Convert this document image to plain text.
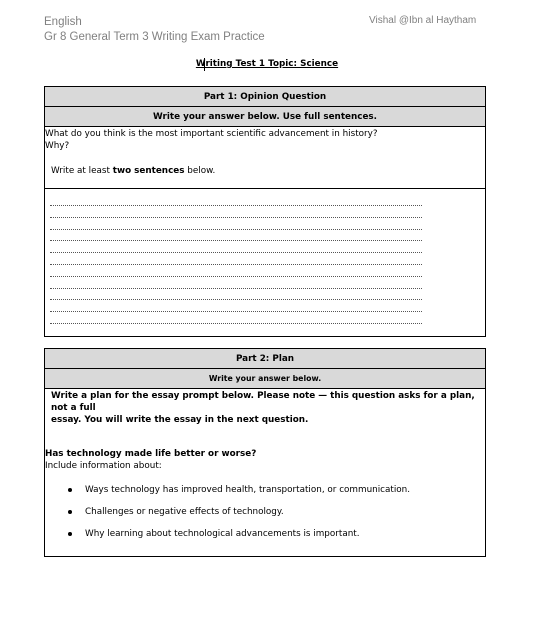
English
Gr 8 General Term 3 Writing Exam Practice
Vishal @Ibn al Haytham
Writing Test 1 Topic: Science
Part 1: Opinion Question
Write your answer below. Use full sentences.

What do you think is the most important scientific advancement in history?

Why?

Write at least two sentences below.

Part 2: Plan
Write your answer below.

Write a plan for the essay prompt below. Please note — this question asks for a plan, not a full

essay. You will write the essay in the next question.

Has technology made life better or worse?

Include information about:

Ways technology has improved health, transportation, or communication.
Challenges or negative effects of technology.
Why learning about technological advancements is important.
